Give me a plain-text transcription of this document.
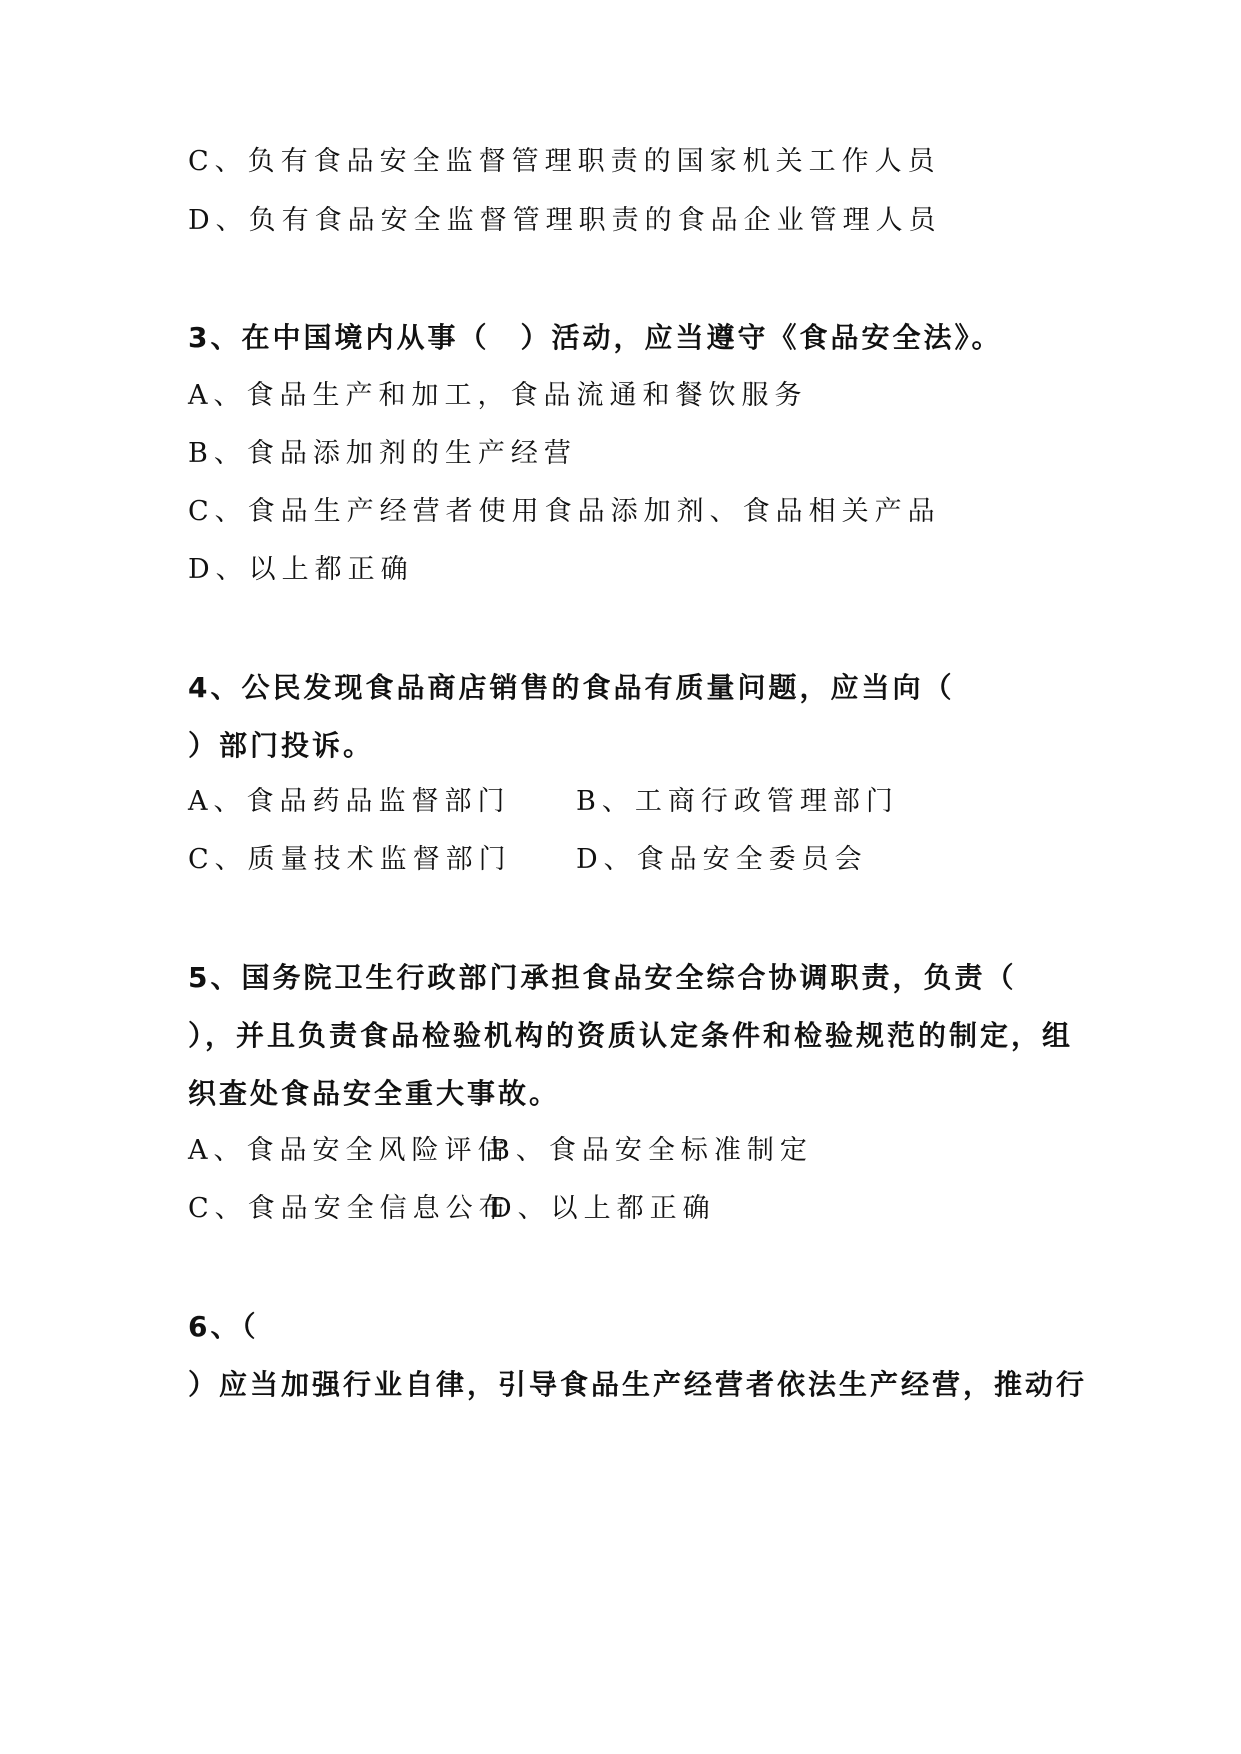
C、负有食品安全监督管理职责的国家机关工作人员
D、负有食品安全监督管理职责的食品企业管理人员
3、在中国境内从事（　）活动，应当遵守《食品安全法》。
A、食品生产和加工，食品流通和餐饮服务
B、食品添加剂的生产经营
C、食品生产经营者使用食品添加剂、食品相关产品
D、以上都正确
4、公民发现食品商店销售的食品有质量问题，应当向（
）部门投诉。
A、食品药品监督部门 B、工商行政管理部门
C、质量技术监督部门 D、食品安全委员会
5、国务院卫生行政部门承担食品安全综合协调职责，负责（
），并且负责食品检验机构的资质认定条件和检验规范的制定，组
织查处食品安全重大事故。
A、食品安全风险评估
B、食品安全标准制定
C、食品安全信息公布
D、以上都正确
6、（
）应当加强行业自律，引导食品生产经营者依法生产经营，推动行
